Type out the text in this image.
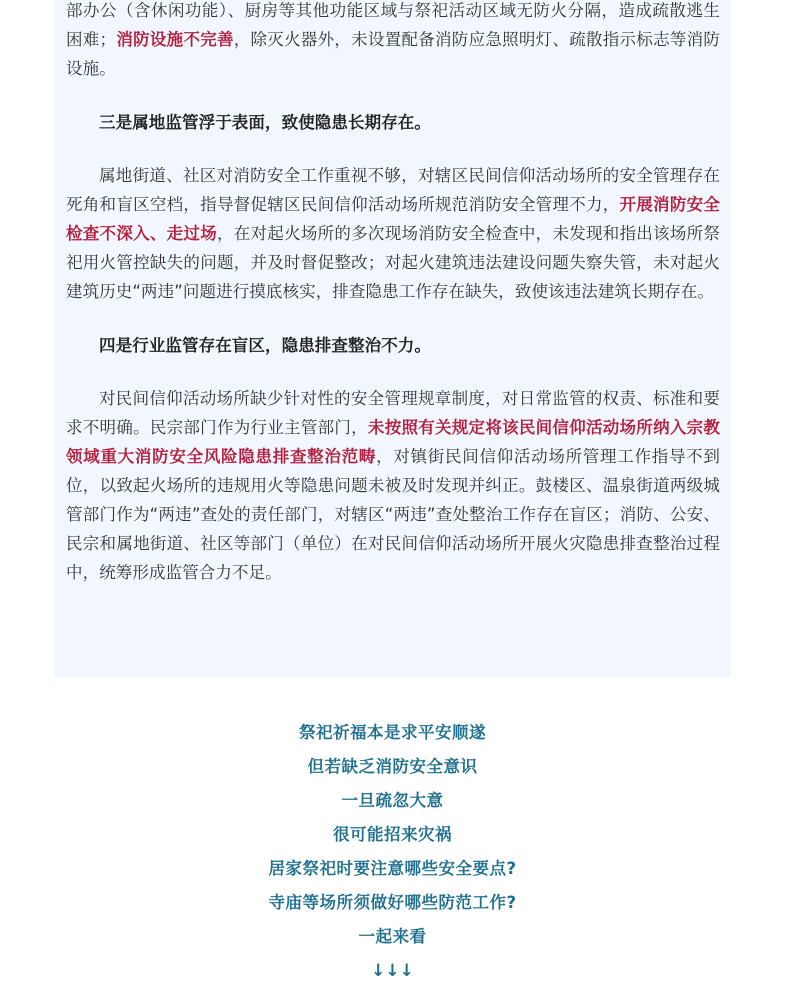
部办公（含休闲功能）、厨房等其他功能区域与祭祀活动区域无防火分隔，造成疏散逃生困难；消防设施不完善，除灭火器外，未设置配备消防应急照明灯、疏散指示标志等消防设施。

三是属地监管浮于表面，致使隐患长期存在。

属地街道、社区对消防安全工作重视不够，对辖区民间信仰活动场所的安全管理存在死角和盲区空档，指导督促辖区民间信仰活动场所规范消防安全管理不力，开展消防安全检查不深入、走过场，在对起火场所的多次现场消防安全检查中，未发现和指出该场所祭祀用火管控缺失的问题，并及时督促整改；对起火建筑违法建设问题失察失管，未对起火建筑历史“两违”问题进行摸底核实，排查隐患工作存在缺失，致使该违法建筑长期存在。

四是行业监管存在盲区，隐患排查整治不力。

对民间信仰活动场所缺少针对性的安全管理规章制度，对日常监管的权责、标准和要求不明确。民宗部门作为行业主管部门，未按照有关规定将该民间信仰活动场所纳入宗教领域重大消防安全风险隐患排查整治范畴，对镇街民间信仰活动场所管理工作指导不到位，以致起火场所的违规用火等隐患问题未被及时发现并纠正。鼓楼区、温泉街道两级城管部门作为“两违”查处的责任部门，对辖区“两违”查处整治工作存在盲区；消防、公安、民宗和属地街道、社区等部门（单位）在对民间信仰活动场所开展火灾隐患排查整治过程中，统筹形成监管合力不足。

祭祀祈福本是求平安顺遂
但若缺乏消防安全意识
一旦疏忽大意
很可能招来灾祸
居家祭祀时要注意哪些安全要点?
寺庙等场所须做好哪些防范工作?
一起来看
↓↓↓
